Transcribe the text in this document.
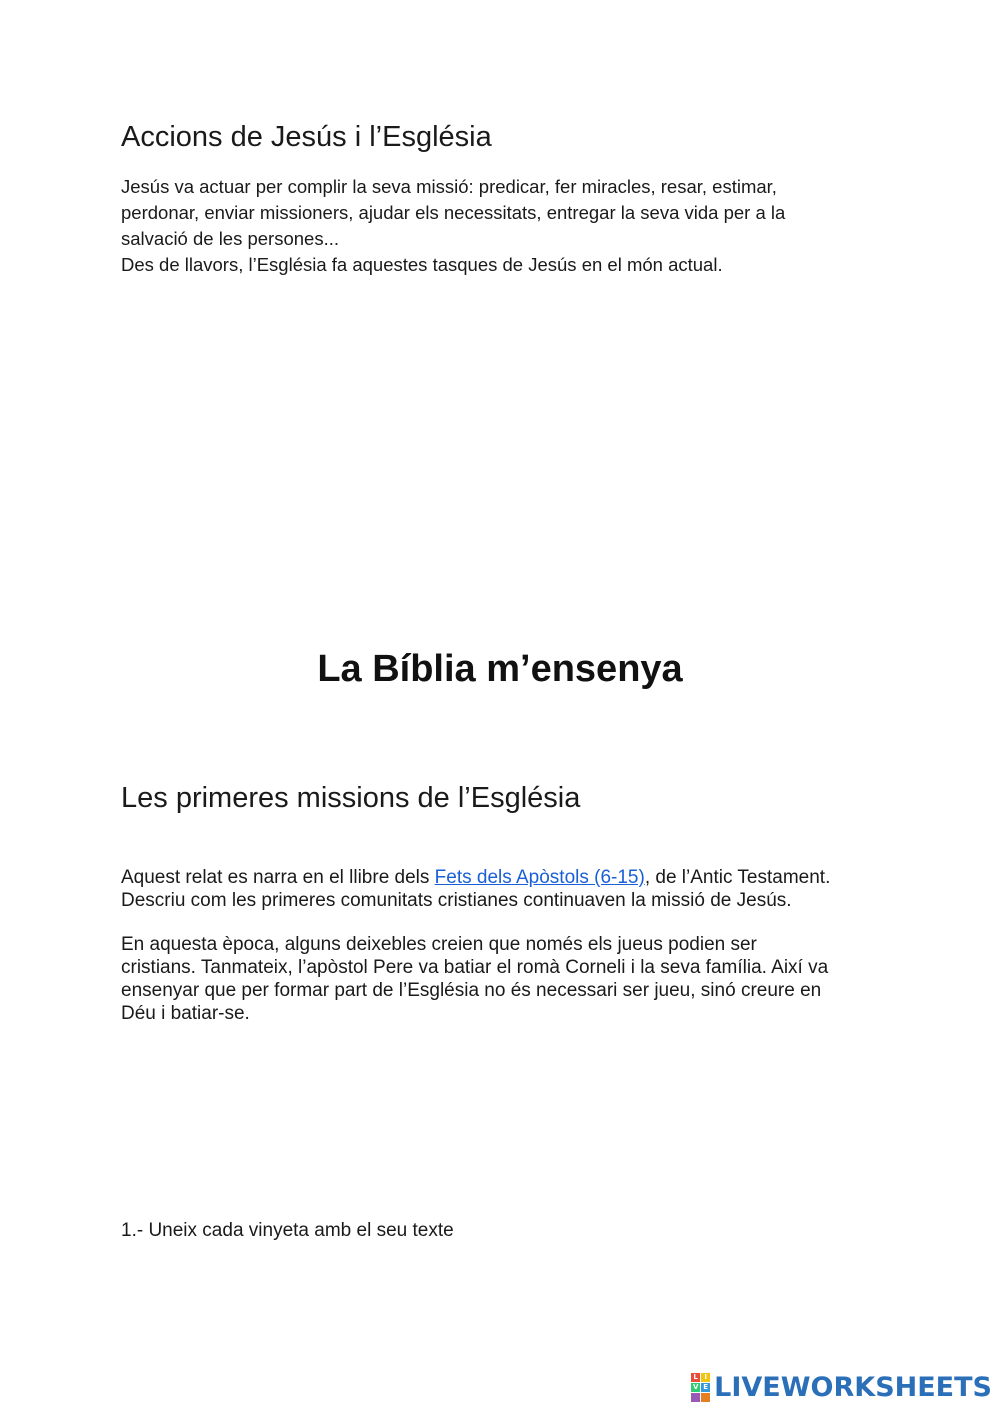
Accions de Jesús i l’Església

Jesús va actuar per complir la seva missió: predicar, fer miracles, resar, estimar,

perdonar, enviar missioners, ajudar els necessitats, entregar la seva vida per a la

salvació de les persones...

Des de llavors, l’Església fa aquestes tasques de Jesús en el món actual.

La Bíblia m’ensenya
Les primeres missions de l’Església

Aquest relat es narra en el llibre dels Fets dels Apòstols (6-15), de l’Antic Testament.

Descriu com les primeres comunitats cristianes continuaven la missió de Jesús.

En aquesta època, alguns deixebles creien que només els jueus podien ser

cristians. Tanmateix, l’apòstol Pere va batiar el romà Corneli i la seva família. Així va

ensenyar que per formar part de l’Església no és necessari ser jueu, sinó creure en

Déu i batiar-se.

1.- Uneix cada vinyeta amb el seu texte

L I
V E LIVEWORKSHEETS
